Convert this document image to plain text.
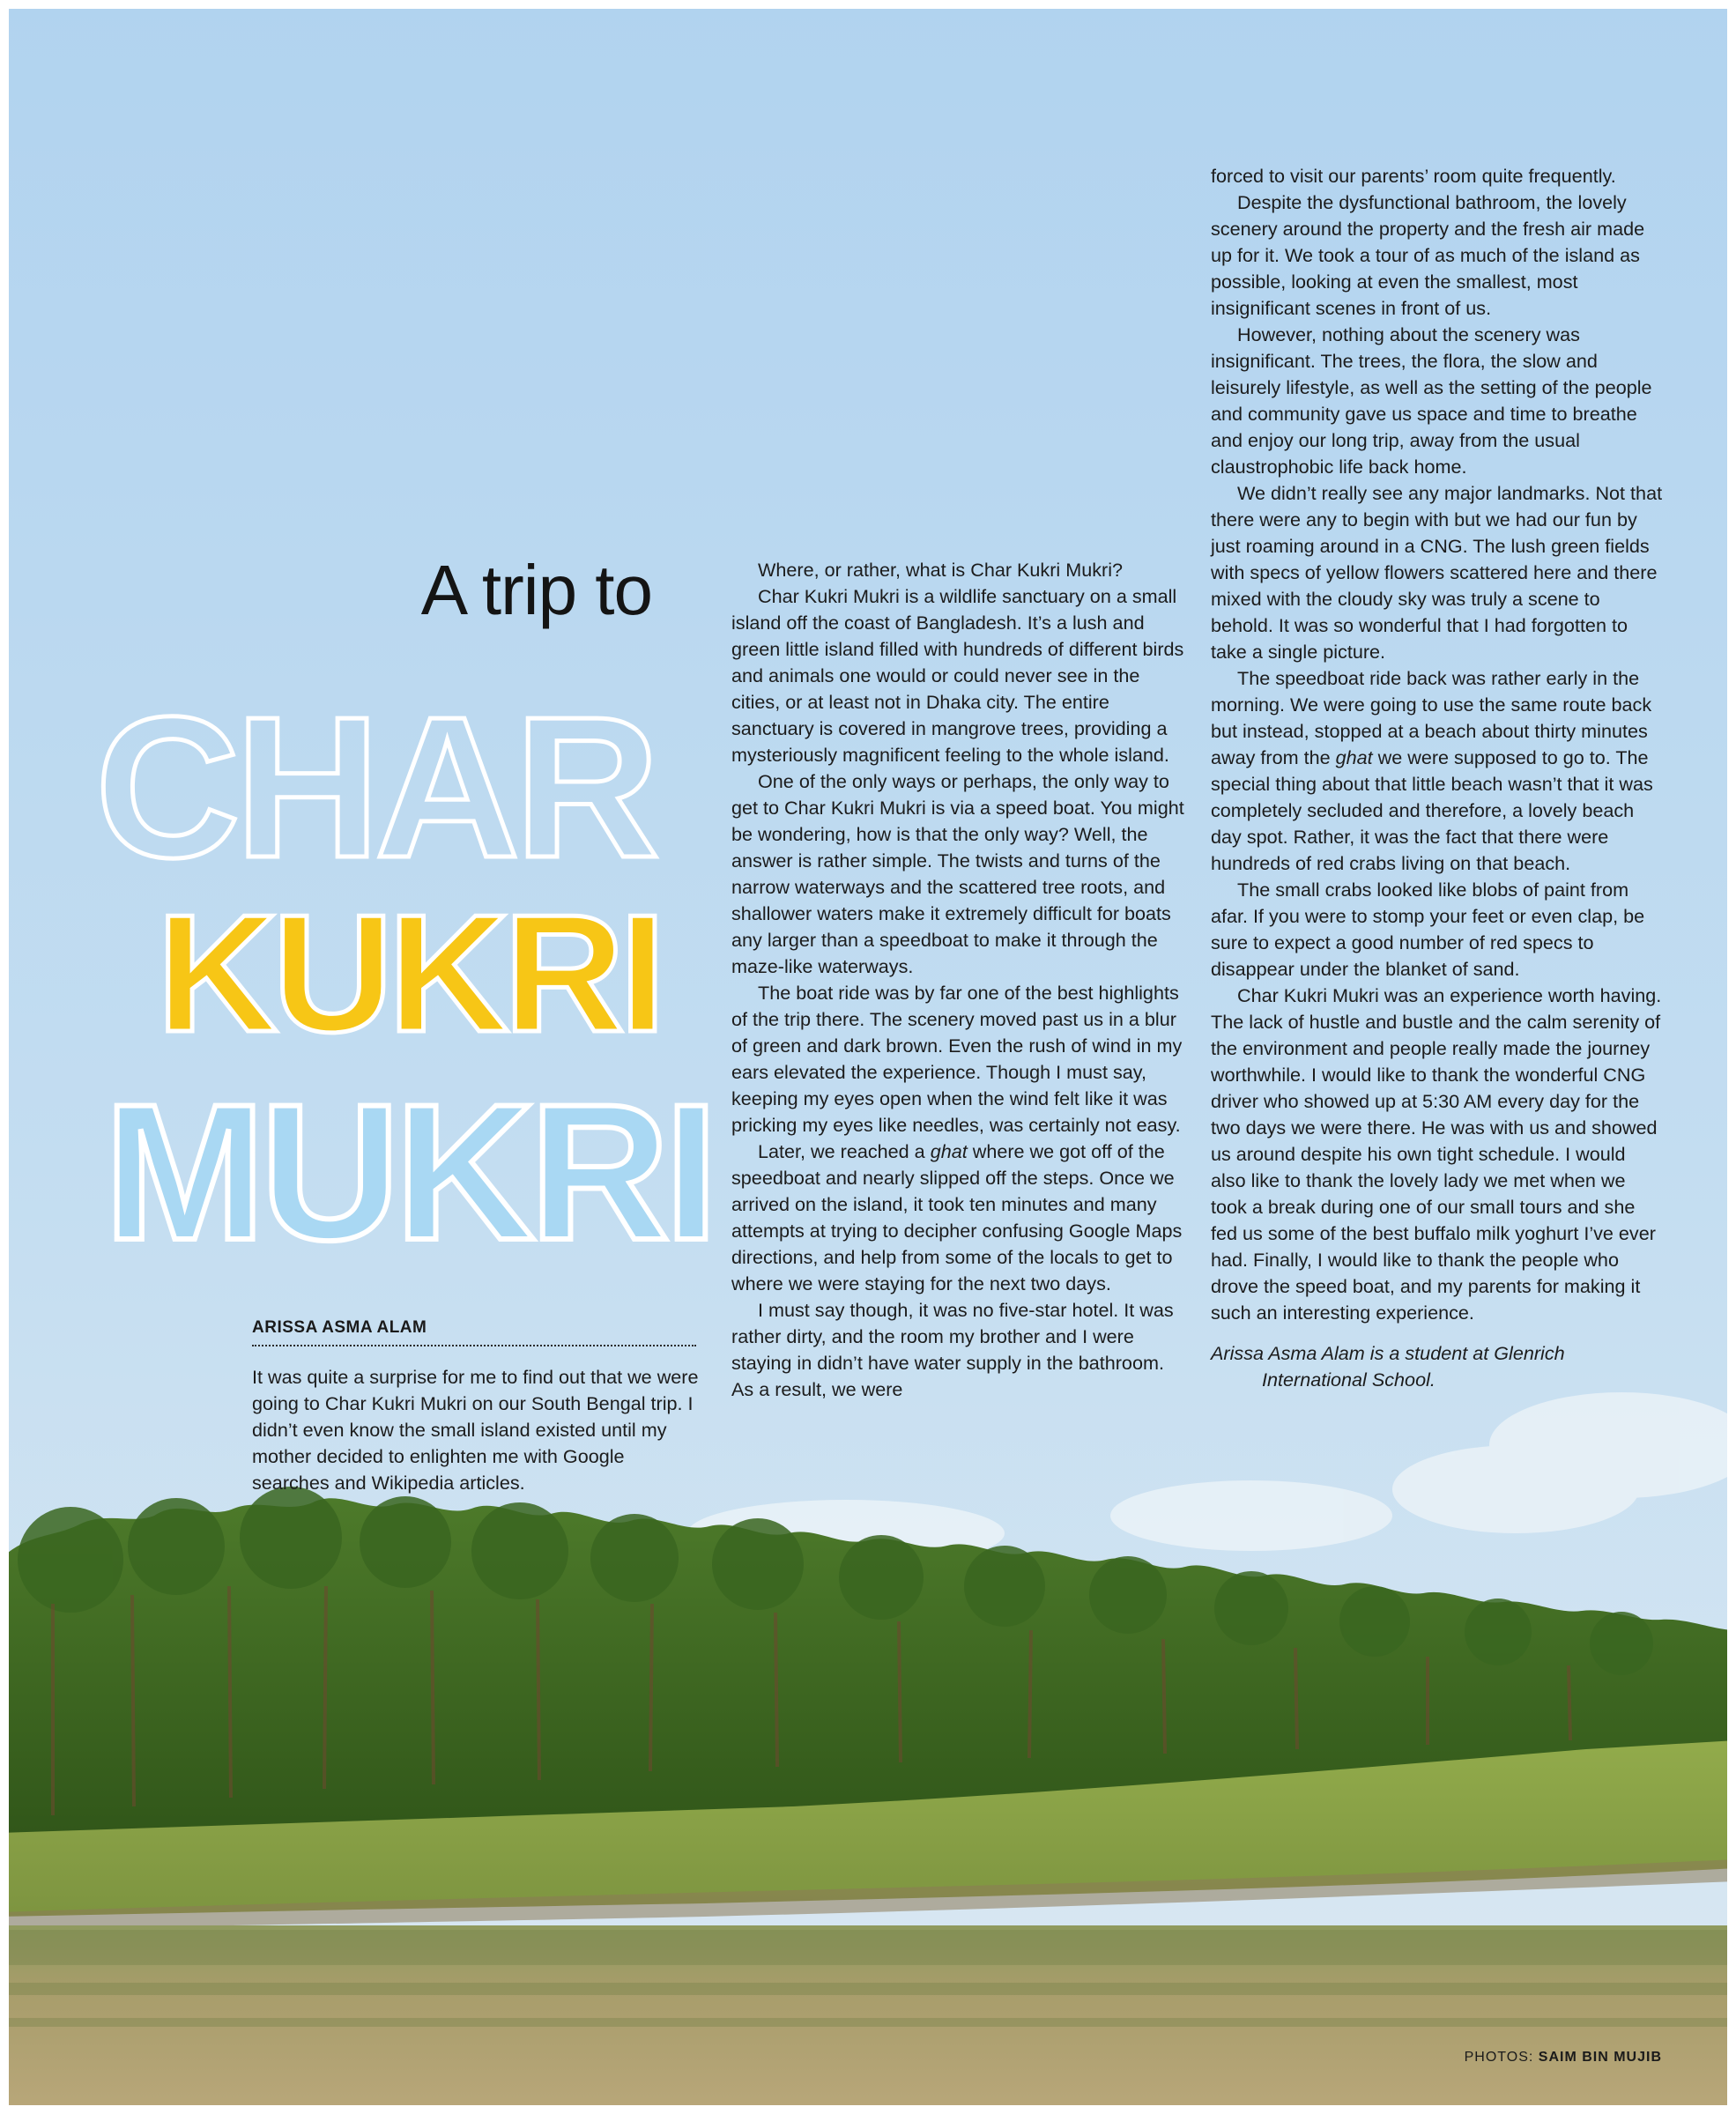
A trip to
CHAR
KUKRI
MUKRI
ARISSA ASMA ALAM

It was quite a surprise for me to find out that we were going to Char Kukri Mukri on our South Bengal trip. I didn’t even know the small island existed until my mother decided to enlighten me with Google searches and Wikipedia articles.

Where, or rather, what is Char Kukri Mukri?

Char Kukri Mukri is a wildlife sanctuary on a small island off the coast of Bangladesh. It’s a lush and green little island filled with hundreds of different birds and animals one would or could never see in the cities, or at least not in Dhaka city. The entire sanctuary is covered in mangrove trees, providing a mysteriously magnificent feeling to the whole island.

One of the only ways or perhaps, the only way to get to Char Kukri Mukri is via a speed boat. You might be wondering, how is that the only way? Well, the answer is rather simple. The twists and turns of the narrow waterways and the scattered tree roots, and shallower waters make it extremely difficult for boats any larger than a speedboat to make it through the maze-like waterways.

The boat ride was by far one of the best highlights of the trip there. The scenery moved past us in a blur of green and dark brown. Even the rush of wind in my ears elevated the experience. Though I must say, keeping my eyes open when the wind felt like it was pricking my eyes like needles, was certainly not easy.

Later, we reached a ghat where we got off of the speedboat and nearly slipped off the steps. Once we arrived on the island, it took ten minutes and many attempts at trying to decipher confusing Google Maps directions, and help from some of the locals to get to where we were staying for the next two days.

I must say though, it was no five-star hotel. It was rather dirty, and the room my brother and I were staying in didn’t have water supply in the bathroom. As a result, we were

forced to visit our parents’ room quite frequently.

Despite the dysfunctional bathroom, the lovely scenery around the property and the fresh air made up for it. We took a tour of as much of the island as possible, looking at even the smallest, most insignificant scenes in front of us.

However, nothing about the scenery was insignificant. The trees, the flora, the slow and leisurely lifestyle, as well as the setting of the people and community gave us space and time to breathe and enjoy our long trip, away from the usual claustrophobic life back home.

We didn’t really see any major landmarks. Not that there were any to begin with but we had our fun by just roaming around in a CNG. The lush green fields with specs of yellow flowers scattered here and there mixed with the cloudy sky was truly a scene to behold. It was so wonderful that I had forgotten to take a single picture.

The speedboat ride back was rather early in the morning. We were going to use the same route back but instead, stopped at a beach about thirty minutes away from the ghat we were supposed to go to. The special thing about that little beach wasn’t that it was completely secluded and therefore, a lovely beach day spot. Rather, it was the fact that there were hundreds of red crabs living on that beach.

The small crabs looked like blobs of paint from afar. If you were to stomp your feet or even clap, be sure to expect a good number of red specs to disappear under the blanket of sand.

Char Kukri Mukri was an experience worth having. The lack of hustle and bustle and the calm serenity of the environment and people really made the journey worthwhile. I would like to thank the wonderful CNG driver who showed up at 5:30 AM every day for the two days we were there. He was with us and showed us around despite his own tight schedule. I would also like to thank the lovely lady we met when we took a break during one of our small tours and she fed us some of the best buffalo milk yoghurt I’ve ever had. Finally, I would like to thank the people who drove the speed boat, and my parents for making it such an interesting experience.

Arissa Asma Alam is a student at Glenrich International School.

PHOTOS: SAIM BIN MUJIB
